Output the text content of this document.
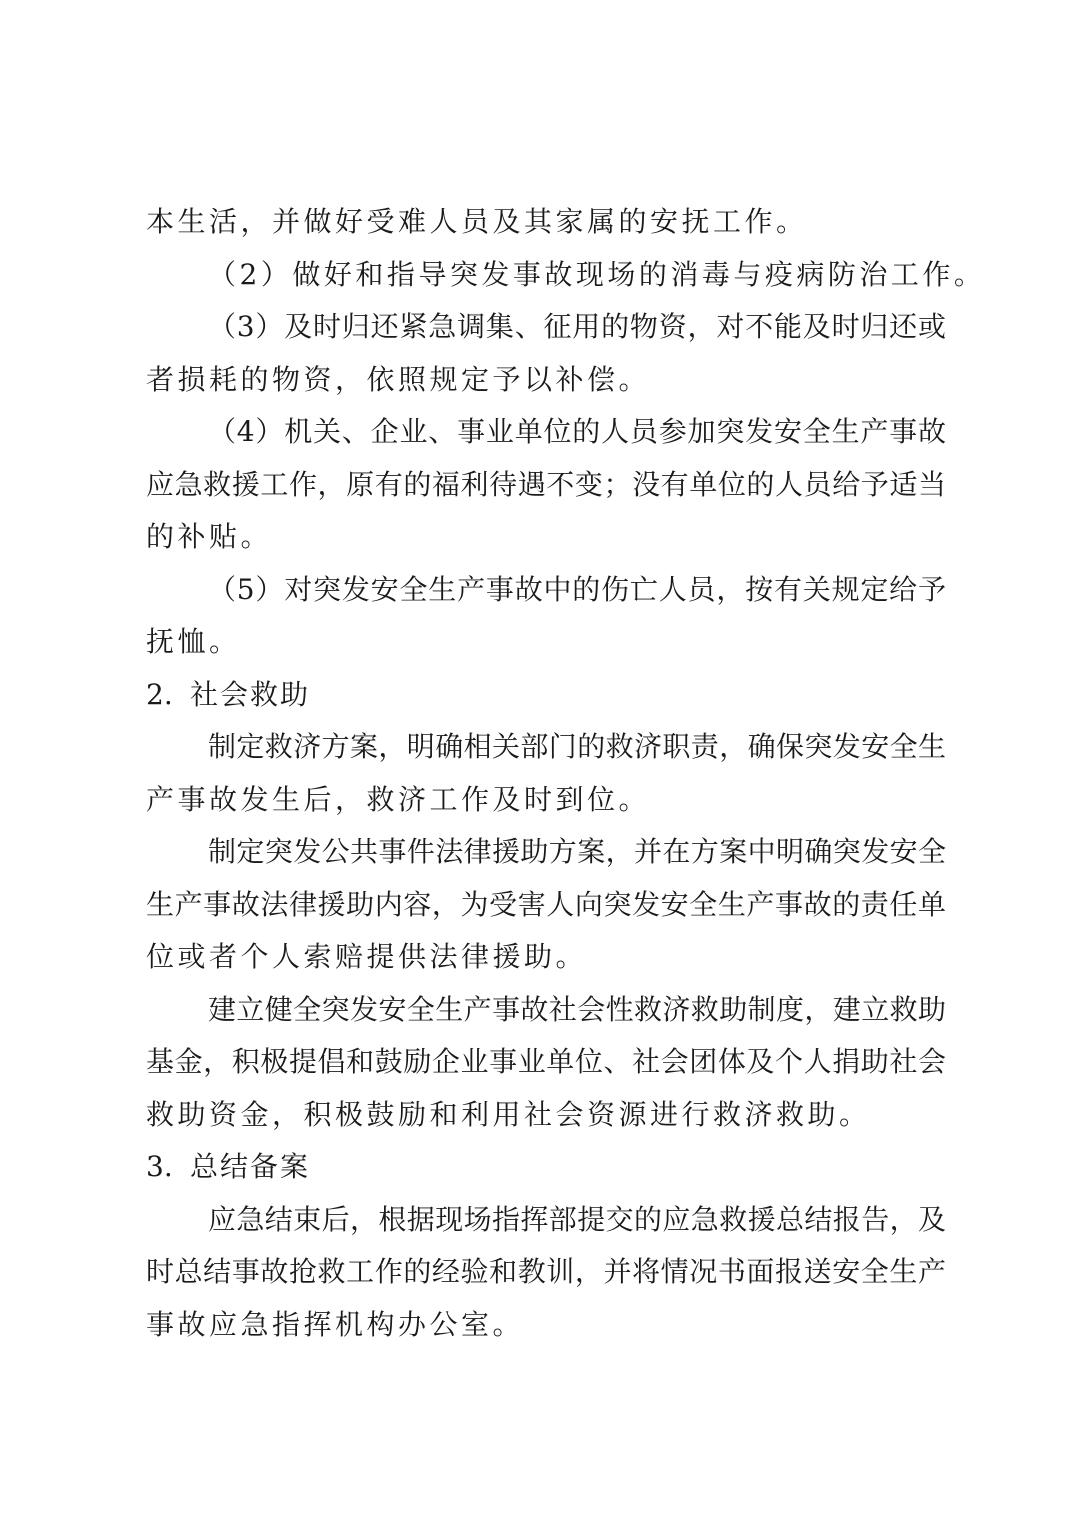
本生活，并做好受难人员及其家属的安抚工作。
（2）做好和指导突发事故现场的消毒与疫病防治工作。
（3）及时归还紧急调集、征用的物资，对不能及时归还或
者损耗的物资，依照规定予以补偿。
（4）机关、企业、事业单位的人员参加突发安全生产事故
应急救援工作，原有的福利待遇不变；没有单位的人员给予适当
的补贴。
（5）对突发安全生产事故中的伤亡人员，按有关规定给予
抚恤。
2. 社会救助
制定救济方案，明确相关部门的救济职责，确保突发安全生
产事故发生后，救济工作及时到位。
制定突发公共事件法律援助方案，并在方案中明确突发安全
生产事故法律援助内容，为受害人向突发安全生产事故的责任单
位或者个人索赔提供法律援助。
建立健全突发安全生产事故社会性救济救助制度，建立救助
基金，积极提倡和鼓励企业事业单位、社会团体及个人捐助社会
救助资金，积极鼓励和利用社会资源进行救济救助。
3. 总结备案
应急结束后，根据现场指挥部提交的应急救援总结报告，及
时总结事故抢救工作的经验和教训，并将情况书面报送安全生产
事故应急指挥机构办公室。
